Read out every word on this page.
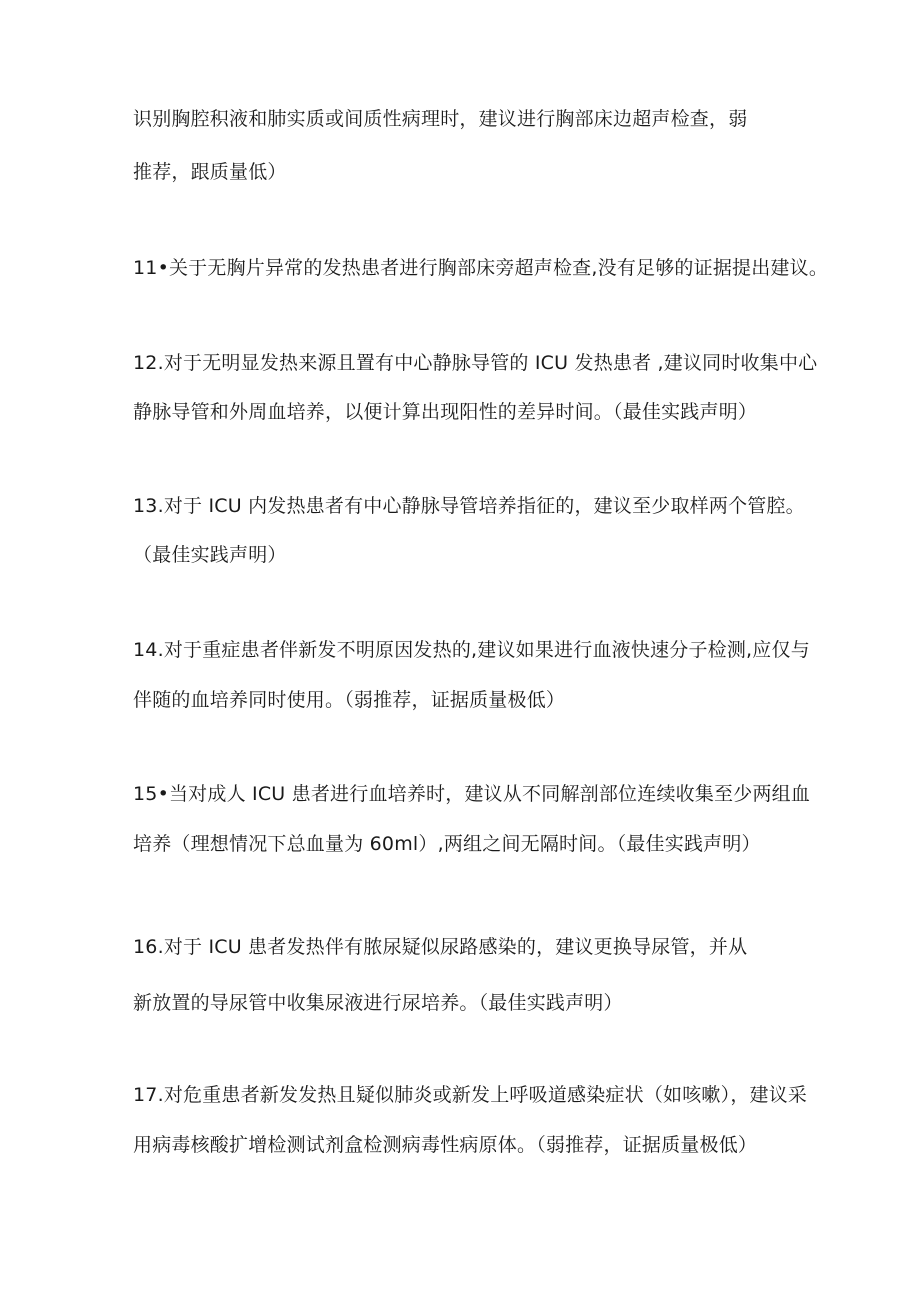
识别胸腔积液和肺实质或间质性病理时，建议进行胸部床边超声检查，弱
推荐，跟质量低）
11•关于无胸片异常的发热患者进行胸部床旁超声检查,没有足够的证据提出建议。
12.对于无明显发热来源且置有中心静脉导管的 ICU 发热患者 ,建议同时收集中心
静脉导管和外周血培养，以便计算出现阳性的差异时间。（最佳实践声明）
13.对于 ICU 内发热患者有中心静脉导管培养指征的，建议至少取样两个管腔。
（最佳实践声明）
14.对于重症患者伴新发不明原因发热的,建议如果进行血液快速分子检测,应仅与
伴随的血培养同时使用。（弱推荐，证据质量极低）
15•当对成人 ICU 患者进行血培养时，建议从不同解剖部位连续收集至少两组血
培养（理想情况下总血量为 60ml）,两组之间无隔时间。（最佳实践声明）
16.对于 ICU 患者发热伴有脓尿疑似尿路感染的，建议更换导尿管，并从
新放置的导尿管中收集尿液进行尿培养。（最佳实践声明）
17.对危重患者新发发热且疑似肺炎或新发上呼吸道感染症状（如咳嗽），建议采
用病毒核酸扩增检测试剂盒检测病毒性病原体。（弱推荐，证据质量极低）
